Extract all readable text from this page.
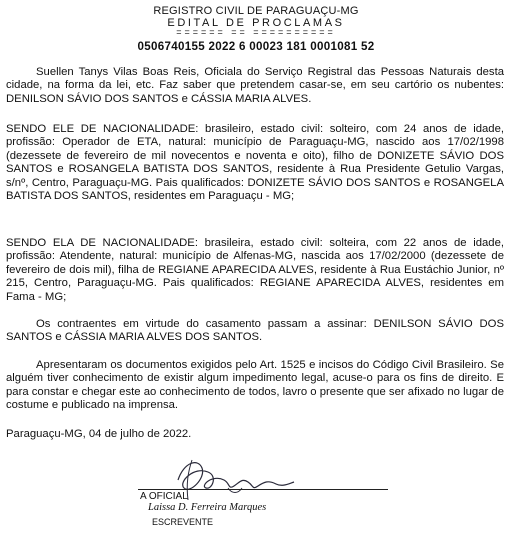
REGISTRO CIVIL DE PARAGUAÇU-MG
EDITAL DE PROCLAMAS
====== == ==========
0506740155 2022 6 00023 181 0001081 52

Suellen Tanys Vilas Boas Reis, Oficiala do Serviço Registral das Pessoas Naturais desta cidade, na forma da lei, etc. Faz saber que pretendem casar-se, em seu cartório os nubentes: DENILSON SÁVIO DOS SANTOS e CÁSSIA MARIA ALVES.

SENDO ELE DE NACIONALIDADE: brasileiro, estado civil: solteiro, com 24 anos de idade, profissão: Operador de ETA, natural: município de Paraguaçu-MG, nascido aos 17/02/1998 (dezessete de fevereiro de mil novecentos e noventa e oito), filho de DONIZETE SÁVIO DOS SANTOS e ROSANGELA BATISTA DOS SANTOS, residente à Rua Presidente Getulio Vargas, s/nº, Centro, Paraguaçu-MG. Pais qualificados: DONIZETE SÁVIO DOS SANTOS e ROSANGELA BATISTA DOS SANTOS, residentes em Paraguaçu - MG;

SENDO ELA DE NACIONALIDADE: brasileira, estado civil: solteira, com 22 anos de idade, profissão: Atendente, natural: município de Alfenas-MG, nascida aos 17/02/2000 (dezessete de fevereiro de dois mil), filha de REGIANE APARECIDA ALVES, residente à Rua Eustáchio Junior, nº 215, Centro, Paraguaçu-MG. Pais qualificados: REGIANE APARECIDA ALVES, residentes em Fama - MG;

Os contraentes em virtude do casamento passam a assinar: DENILSON SÁVIO DOS SANTOS e CÁSSIA MARIA ALVES DOS SANTOS.

Apresentaram os documentos exigidos pelo Art. 1525 e incisos do Código Civil Brasileiro. Se alguém tiver conhecimento de existir algum impedimento legal, acuse-o para os fins de direito. E para constar e chegar este ao conhecimento de todos, lavro o presente que ser afixado no lugar de costume e publicado na imprensa.

Paraguaçu-MG, 04 de julho de 2022.

A OFICIAL
Laissa D. Ferreira Marques
ESCREVENTE
